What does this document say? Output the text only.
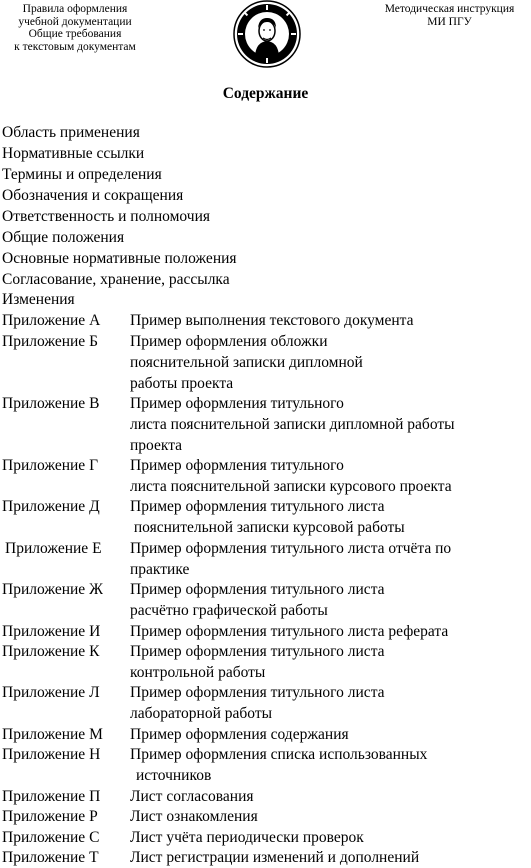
Правила оформления
учебной документации
Общие требования
к текстовым документам
Методическая инструкция
МИ ПГУ
Содержание
Область применения
Нормативные ссылки
Термины и определения
Обозначения и сокращения
Ответственность и полномочия
Общие положения
Основные нормативные положения
Согласование, хранение, рассылка
Изменения
Приложение А Пример выполнения текстового документа
Приложение Б Пример оформления обложки
пояснительной записки дипломной
работы проекта
Приложение В Пример оформления титульного
листа пояснительной записки дипломной работы
проекта
Приложение Г Пример оформления титульного
листа пояснительной записки курсового проекта
Приложение Д Пример оформления титульного листа
пояснительной записки курсовой работы
Приложение Е Пример оформления титульного листа отчёта по
практике
Приложение Ж Пример оформления титульного листа
расчётно графической работы
Приложение И Пример оформления титульного листа реферата
Приложение К Пример оформления титульного листа
контрольной работы
Приложение Л Пример оформления титульного листа
лабораторной работы
Приложение М Пример оформления содержания
Приложение Н Пример оформления списка использованных
источников
Приложение П Лист согласования
Приложение Р Лист ознакомления
Приложение С Лист учёта периодически проверок
Приложение Т Лист регистрации изменений и дополнений
